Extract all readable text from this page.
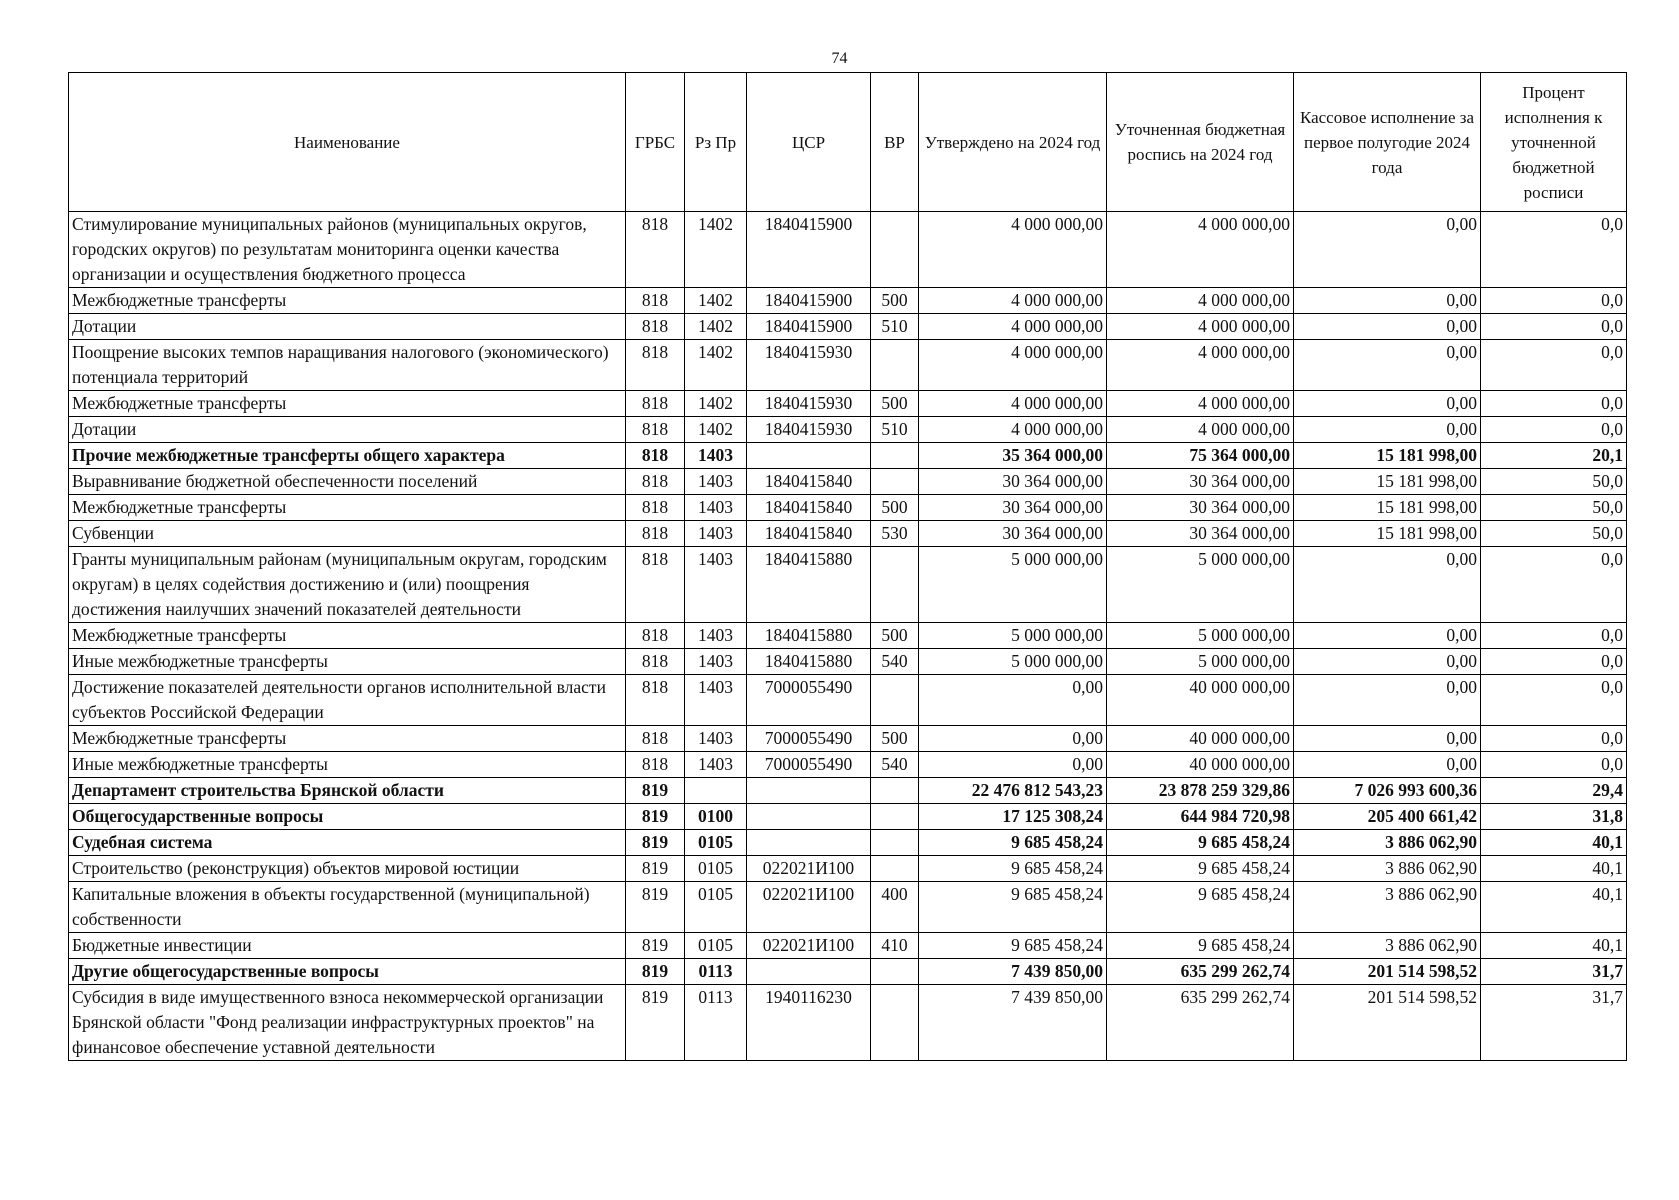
74
Наименование	ГРБС	Рз Пр	ЦСР	ВР	Утверждено на 2024 год	Уточненная бюджетная роспись на 2024 год	Кассовое исполнение за первое полугодие 2024 года	Процент исполнения к уточненной бюджетной росписи
Стимулирование муниципальных районов (муниципальных округов, городских округов) по результатам мониторинга оценки качества организации и осуществления бюджетного процесса	818	1402	1840415900		4 000 000,00	4 000 000,00	0,00	0,0
Межбюджетные трансферты	818	1402	1840415900	500	4 000 000,00	4 000 000,00	0,00	0,0
Дотации	818	1402	1840415900	510	4 000 000,00	4 000 000,00	0,00	0,0
Поощрение высоких темпов наращивания налогового (экономического) потенциала территорий	818	1402	1840415930		4 000 000,00	4 000 000,00	0,00	0,0
Межбюджетные трансферты	818	1402	1840415930	500	4 000 000,00	4 000 000,00	0,00	0,0
Дотации	818	1402	1840415930	510	4 000 000,00	4 000 000,00	0,00	0,0
Прочие межбюджетные трансферты общего характера	818	1403			35 364 000,00	75 364 000,00	15 181 998,00	20,1
Выравнивание бюджетной обеспеченности поселений	818	1403	1840415840		30 364 000,00	30 364 000,00	15 181 998,00	50,0
Межбюджетные трансферты	818	1403	1840415840	500	30 364 000,00	30 364 000,00	15 181 998,00	50,0
Субвенции	818	1403	1840415840	530	30 364 000,00	30 364 000,00	15 181 998,00	50,0
Гранты муниципальным районам (муниципальным округам, городским округам) в целях содействия достижению и (или) поощрения достижения наилучших значений показателей деятельности	818	1403	1840415880		5 000 000,00	5 000 000,00	0,00	0,0
Межбюджетные трансферты	818	1403	1840415880	500	5 000 000,00	5 000 000,00	0,00	0,0
Иные межбюджетные трансферты	818	1403	1840415880	540	5 000 000,00	5 000 000,00	0,00	0,0
Достижение показателей деятельности органов исполнительной власти субъектов Российской Федерации	818	1403	7000055490		0,00	40 000 000,00	0,00	0,0
Межбюджетные трансферты	818	1403	7000055490	500	0,00	40 000 000,00	0,00	0,0
Иные межбюджетные трансферты	818	1403	7000055490	540	0,00	40 000 000,00	0,00	0,0
Департамент строительства Брянской области	819				22 476 812 543,23	23 878 259 329,86	7 026 993 600,36	29,4
Общегосударственные вопросы	819	0100			17 125 308,24	644 984 720,98	205 400 661,42	31,8
Судебная система	819	0105			9 685 458,24	9 685 458,24	3 886 062,90	40,1
Строительство (реконструкция) объектов мировой юстиции	819	0105	022021И100		9 685 458,24	9 685 458,24	3 886 062,90	40,1
Капитальные вложения в объекты государственной (муниципальной) собственности	819	0105	022021И100	400	9 685 458,24	9 685 458,24	3 886 062,90	40,1
Бюджетные инвестиции	819	0105	022021И100	410	9 685 458,24	9 685 458,24	3 886 062,90	40,1
Другие общегосударственные вопросы	819	0113			7 439 850,00	635 299 262,74	201 514 598,52	31,7
Субсидия в виде имущественного взноса некоммерческой организации Брянской области "Фонд реализации инфраструктурных проектов" на финансовое обеспечение уставной деятельности	819	0113	1940116230		7 439 850,00	635 299 262,74	201 514 598,52	31,7
